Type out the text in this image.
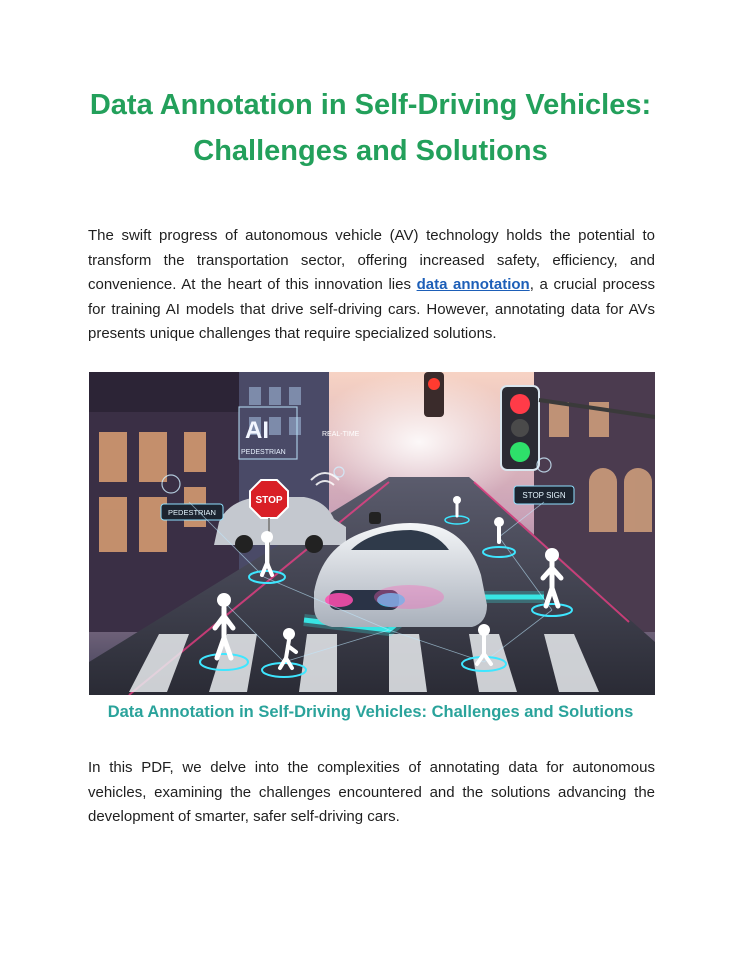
Data Annotation in Self-Driving Vehicles: Challenges and Solutions

The swift progress of autonomous vehicle (AV) technology holds the potential to transform the transportation sector, offering increased safety, efficiency, and convenience. At the heart of this innovation lies data annotation, a crucial process for training AI models that drive self-driving cars. However, annotating data for AVs presents unique challenges that require specialized solutions.

STOP
AI
PEDESTRIAN
REAL-TIME
PEDESTRIAN
STOP SIGN
Data Annotation in Self-Driving Vehicles: Challenges and Solutions

In this PDF, we delve into the complexities of annotating data for autonomous vehicles, examining the challenges encountered and the solutions advancing the development of smarter, safer self-driving cars.
